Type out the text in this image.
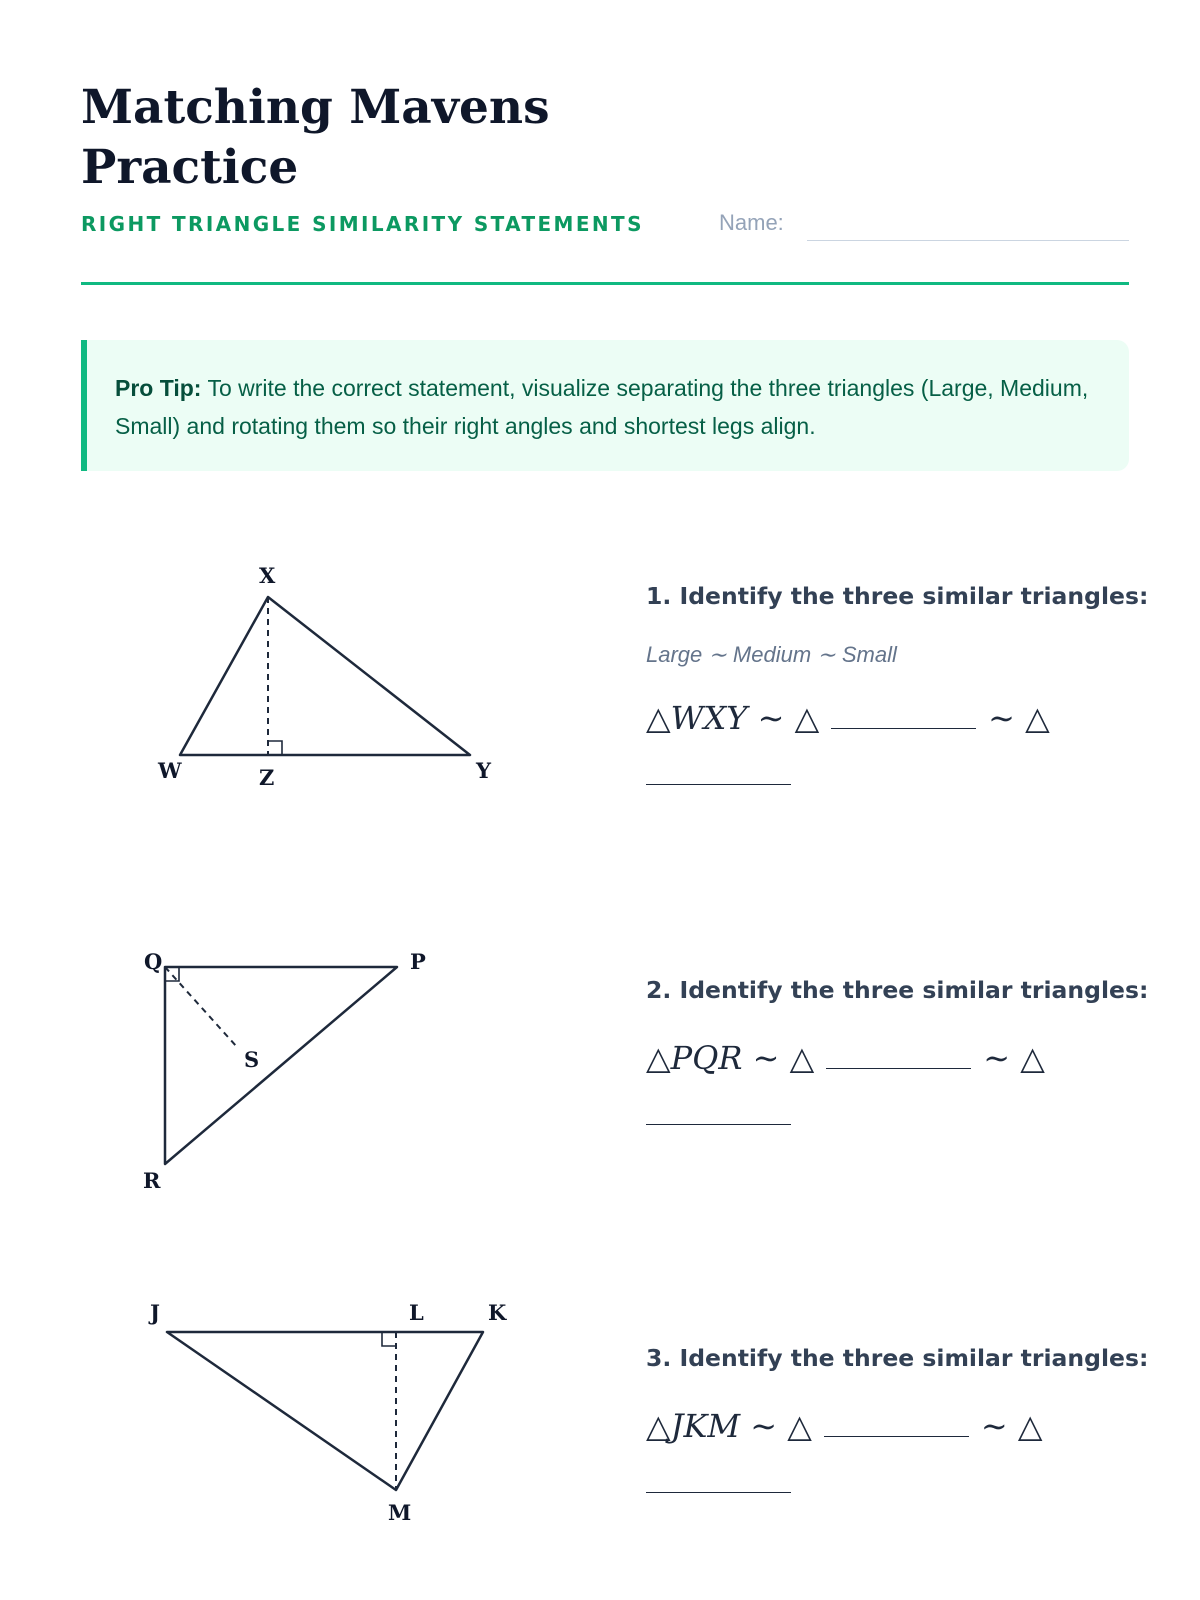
Matching Mavens Practice
RIGHT TRIANGLE SIMILARITY STATEMENTS	Name:
Pro Tip: To write the correct statement, visualize separating the three triangles (Large, Medium, Small) and rotating them so their right angles and shortest legs align.
X
W	Z	Y
1. Identify the three similar triangles:
Large ∼ Medium ∼ Small
△WXY ∼ △	∼ △

Q	P
S
R
2. Identify the three similar triangles:
△PQR ∼ △	∼ △

J	L	K
M
3. Identify the three similar triangles:
△JKM ∼ △	∼ △
